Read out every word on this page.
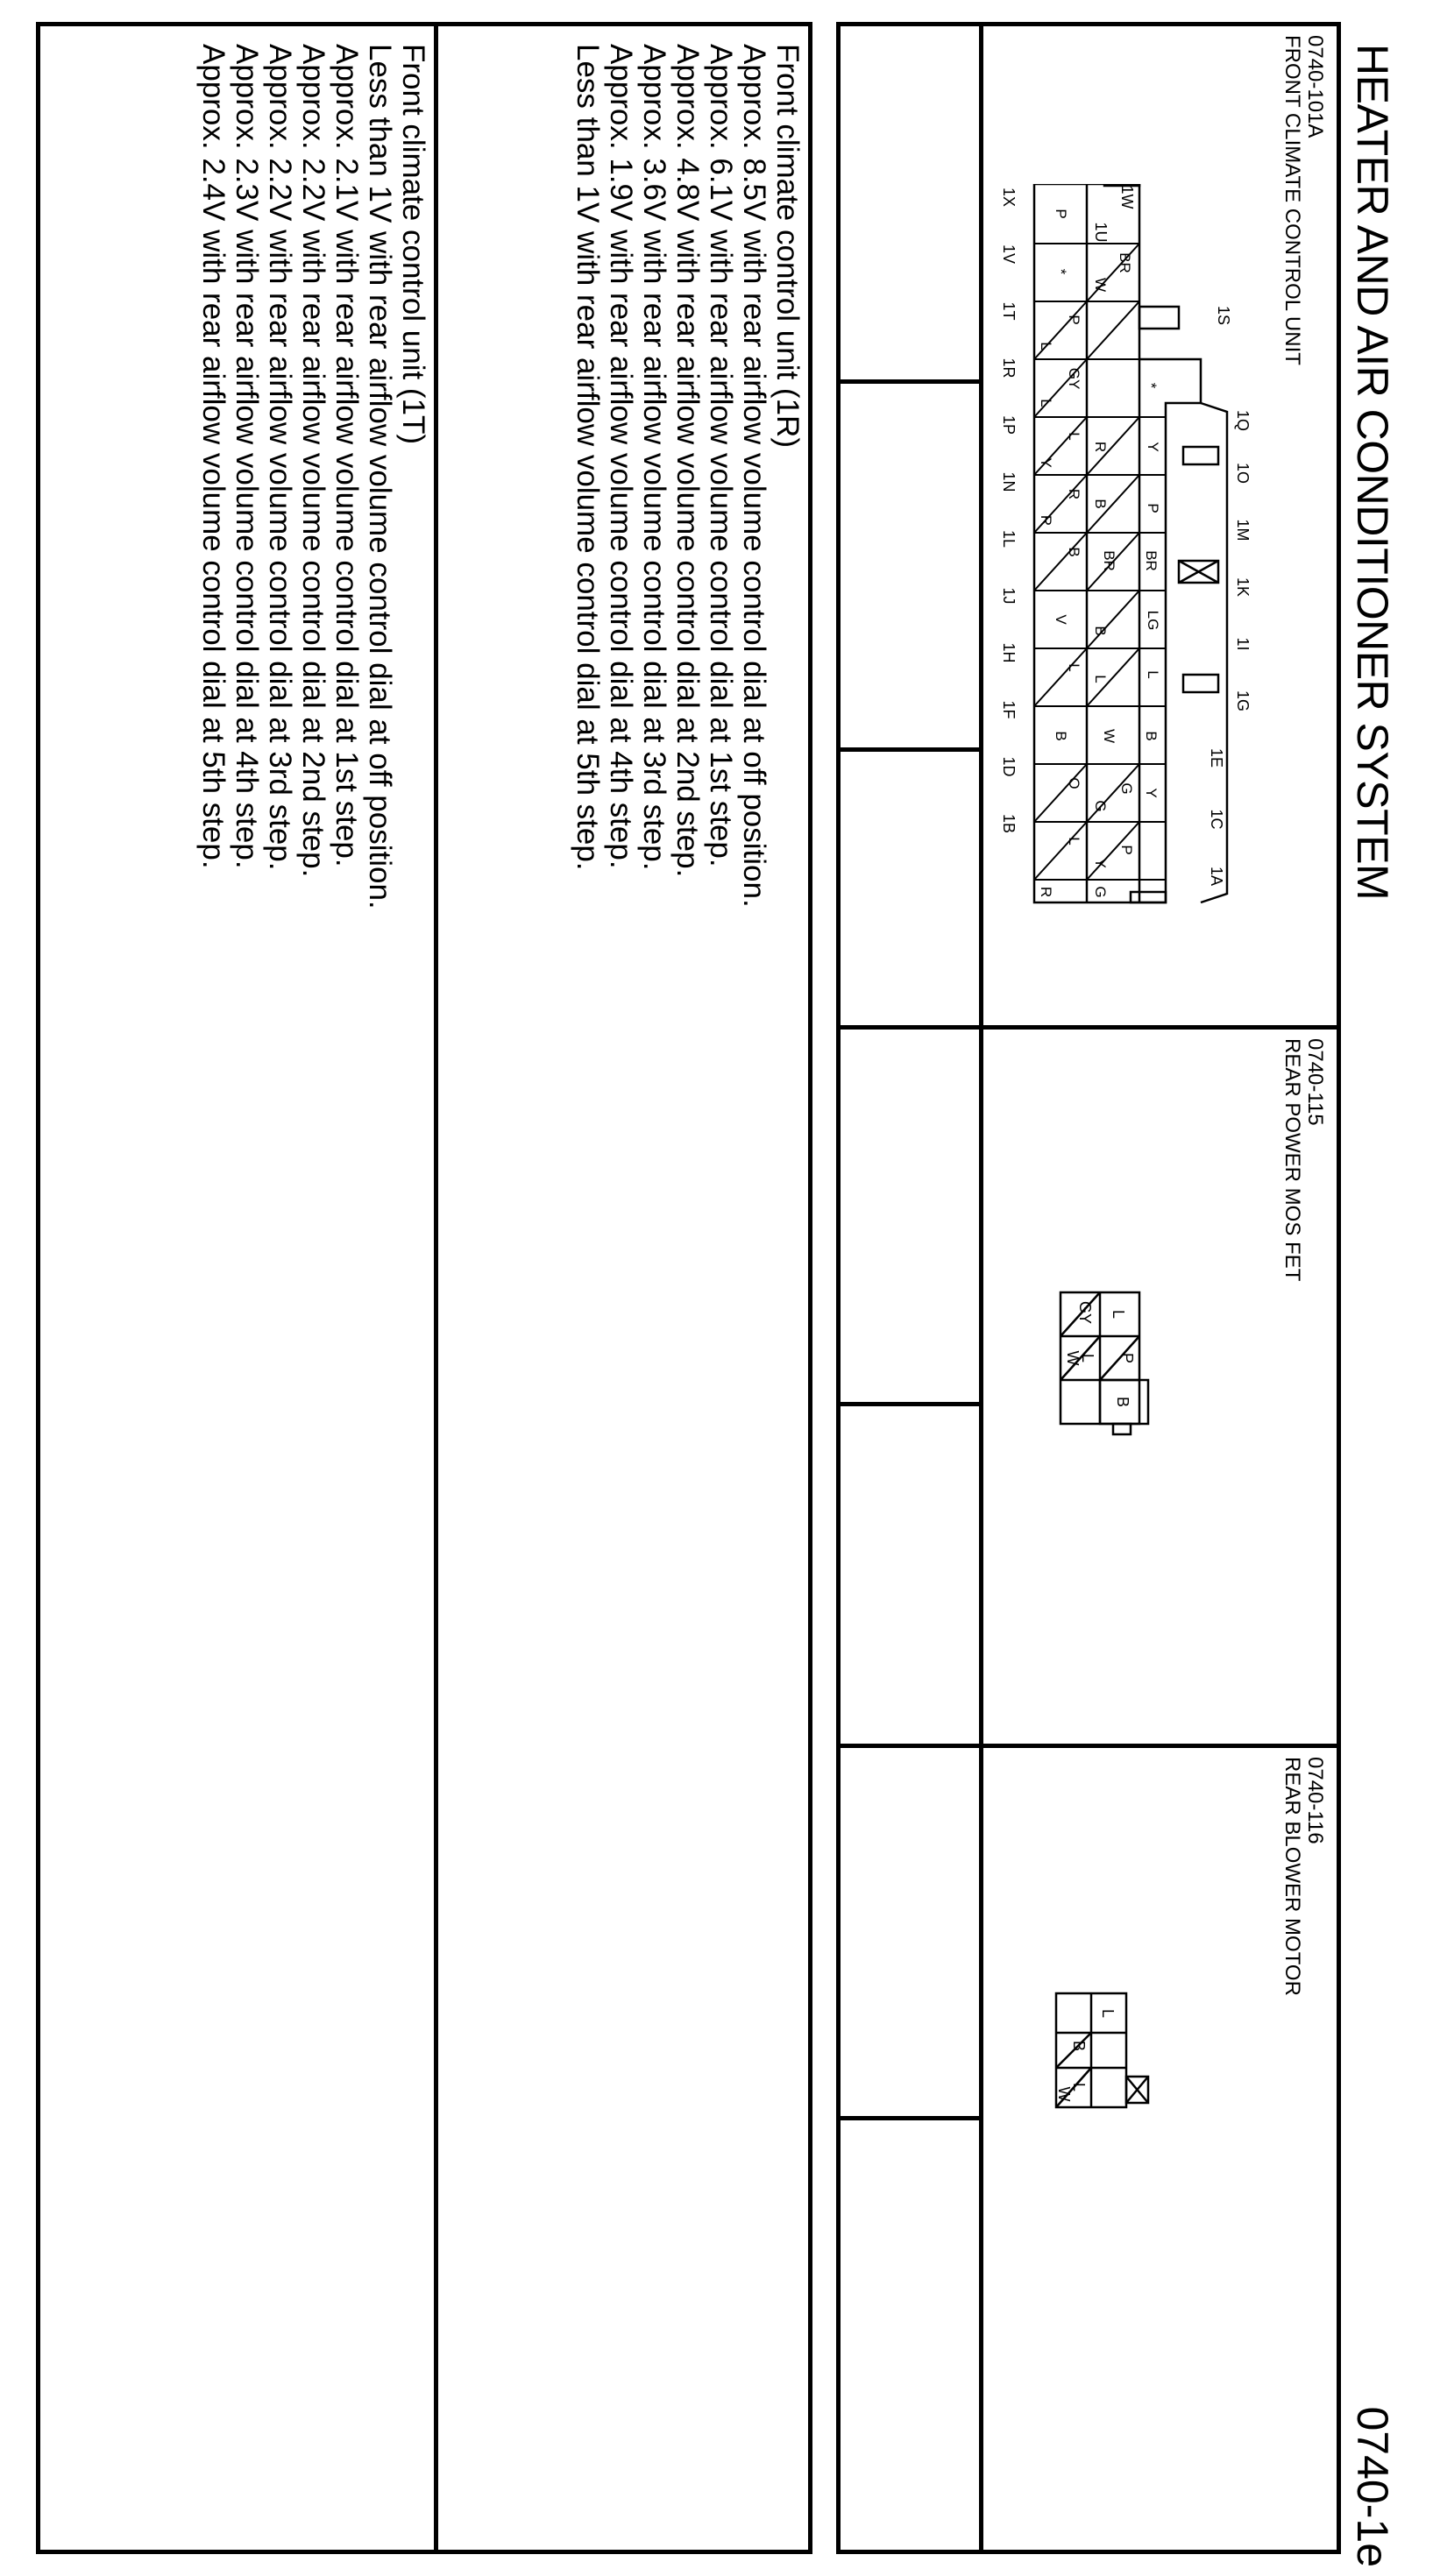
HEATER AND AIR CONDITIONER SYSTEM
0740-1e
0740-101A
FRONT CLIMATE CONTROL UNIT
1Q
1O
1M
1K
1I
1G
1E
1C
1A
1W
1U
1S
1X
1V
1T
1R
1P
1N
1L
1J
1H
1F
1D
1B
*
Y
P
BR
LG
L
B
Y
G
P
BR
W
R
B
BR
B
L
W
G
Y
G
P
*
P
L
GY
L
L
Y
R
R
B
V
L
B
O
L
R
0740-115
REAR POWER MOS FET
P
L
B
GY
L
W
0740-116
REAR BLOWER MOTOR
L
B
L
W
Front climate control unit (1R)
Approx. 8.5V with rear airflow volume control dial at off position.
Approx. 6.1V with rear airflow volume control dial at 1st step.
Approx. 4.8V with rear airflow volume control dial at 2nd step.
Approx. 3.6V with rear airflow volume control dial at 3rd step.
Approx. 1.9V with rear airflow volume control dial at 4th step.
Less than 1V with rear airflow volume control dial at 5th step.
Front climate control unit (1T)
Less than 1V with rear airflow volume control dial at off position.
Approx. 2.1V with rear airflow volume control dial at 1st step.
Approx. 2.2V with rear airflow volume control dial at 2nd step.
Approx. 2.2V with rear airflow volume control dial at 3rd step.
Approx. 2.3V with rear airflow volume control dial at 4th step.
Approx. 2.4V with rear airflow volume control dial at 5th step.
